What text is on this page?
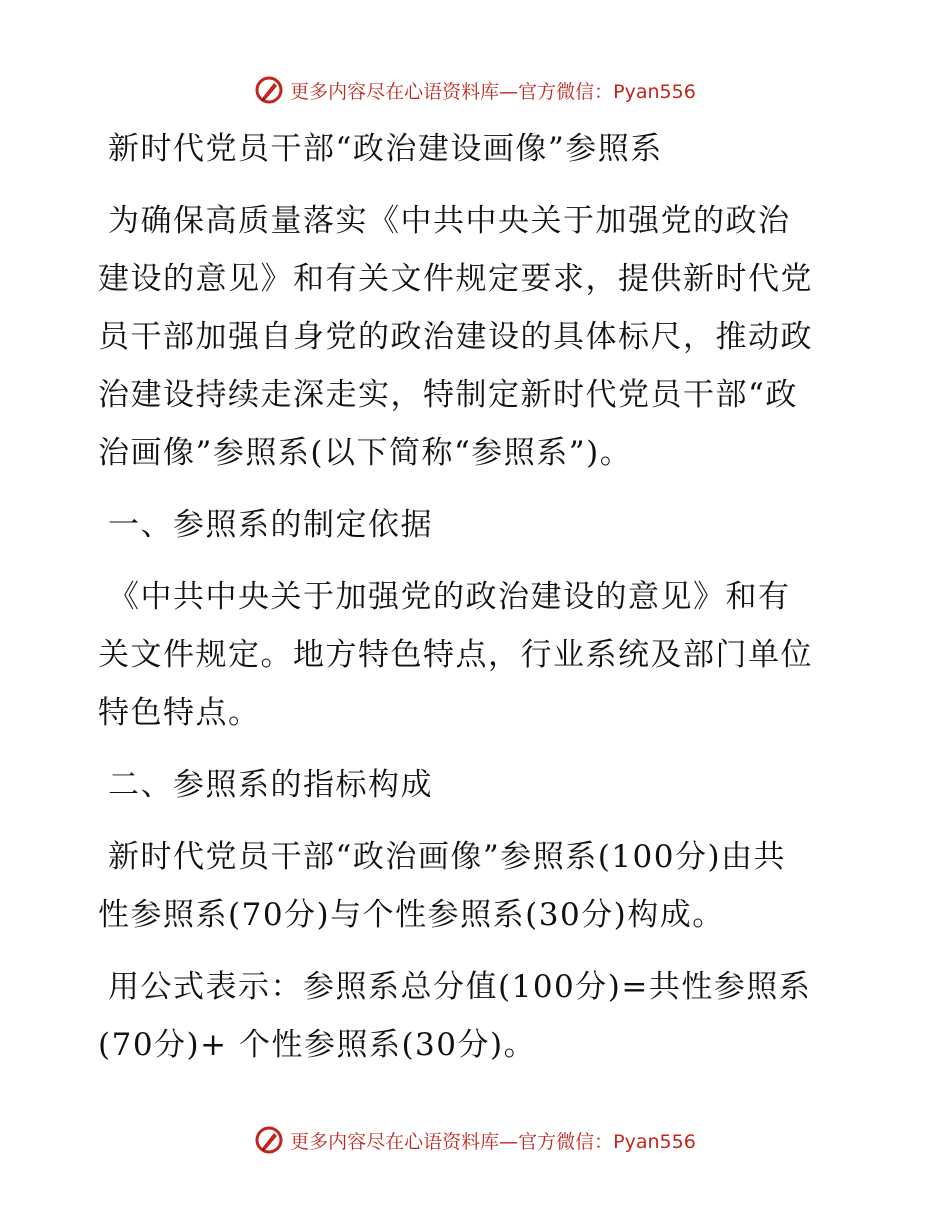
更多内容尽在心语资料库—官方微信：Pyan556
新时代党员干部“政治建设画像”参照系
为确保高质量落实《中共中央关于加强党的政治
建设的意见》和有关文件规定要求，提供新时代党
员干部加强自身党的政治建设的具体标尺，推动政
治建设持续走深走实，特制定新时代党员干部“政
治画像”参照系(以下简称“参照系”)。
一、参照系的制定依据
《中共中央关于加强党的政治建设的意见》和有
关文件规定。地方特色特点，行业系统及部门单位
特色特点。
二、参照系的指标构成
新时代党员干部“政治画像”参照系(100分)由共
性参照系(70分)与个性参照系(30分)构成。
用公式表示：参照系总分值(100分)=共性参照系
(70分)+ 个性参照系(30分)。
更多内容尽在心语资料库—官方微信：Pyan556
